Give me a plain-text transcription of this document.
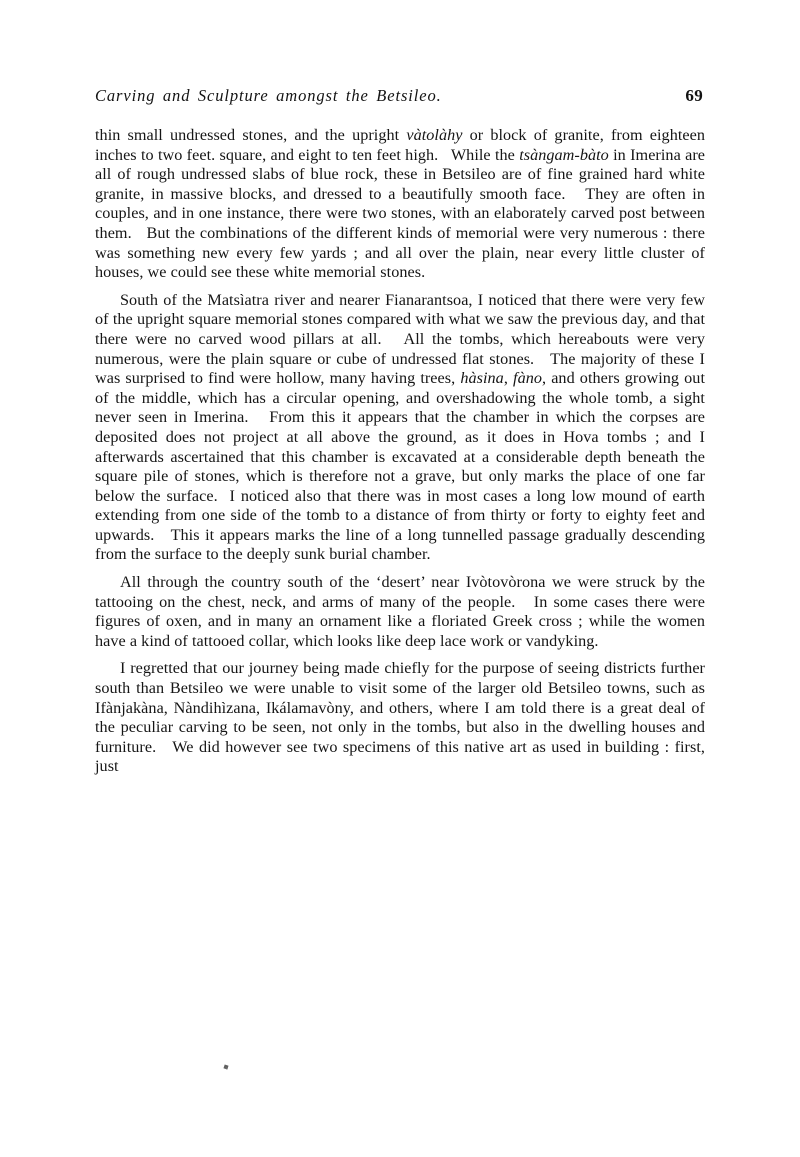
Carving and Sculpture amongst the Betsileo.	69

thin small undressed stones, and the upright vàtolàhy or block of granite, from eighteen inches to two feet. square, and eight to ten feet high.   While the tsàngam-bàto in Imerina are all of rough undressed slabs of blue rock, these in Betsileo are of fine grained hard white granite, in massive blocks, and dressed to a beautifully smooth face.   They are often in couples, and in one instance, there were two stones, with an elaborately carved post between them.   But the combinations of the different kinds of memorial were very numerous : there was something new every few yards ; and all over the plain, near every little cluster of houses, we could see these white memorial stones.

South of the Matsìatra river and nearer Fianarantsoa, I noticed that there were very few of the upright square memorial stones compared with what we saw the previous day, and that there were no carved wood pillars at all.   All the tombs, which hereabouts were very numerous, were the plain square or cube of undressed flat stones.   The majority of these I was surprised to find were hollow, many having trees, hàsina, fàno, and others growing out of the middle, which has a circular opening, and overshadowing the whole tomb, a sight never seen in Imerina.   From this it appears that the chamber in which the corpses are deposited does not project at all above the ground, as it does in Hova tombs ; and I afterwards ascertained that this chamber is excavated at a considerable depth beneath the square pile of stones, which is therefore not a grave, but only marks the place of one far below the surface.  I noticed also that there was in most cases a long low mound of earth extending from one side of the tomb to a distance of from thirty or forty to eighty feet and upwards.   This it appears marks the line of a long tunnelled passage gradually descending from the surface to the deeply sunk burial chamber.

All through the country south of the ‘desert’ near Ivòtovòrona we were struck by the tattooing on the chest, neck, and arms of many of the people.   In some cases there were figures of oxen, and in many an ornament like a floriated Greek cross ; while the women have a kind of tattooed collar, which looks like deep lace work or vandyking.

I regretted that our journey being made chiefly for the purpose of seeing districts further south than Betsileo we were unable to visit some of the larger old Betsileo towns, such as Ifànjakàna, Nàndihìzana, Ikálamavòny, and others, where I am told there is a great deal of the peculiar carving to be seen, not only in the tombs, but also in the dwelling houses and furniture.   We did however see two specimens of this native art as used in building : first, just
